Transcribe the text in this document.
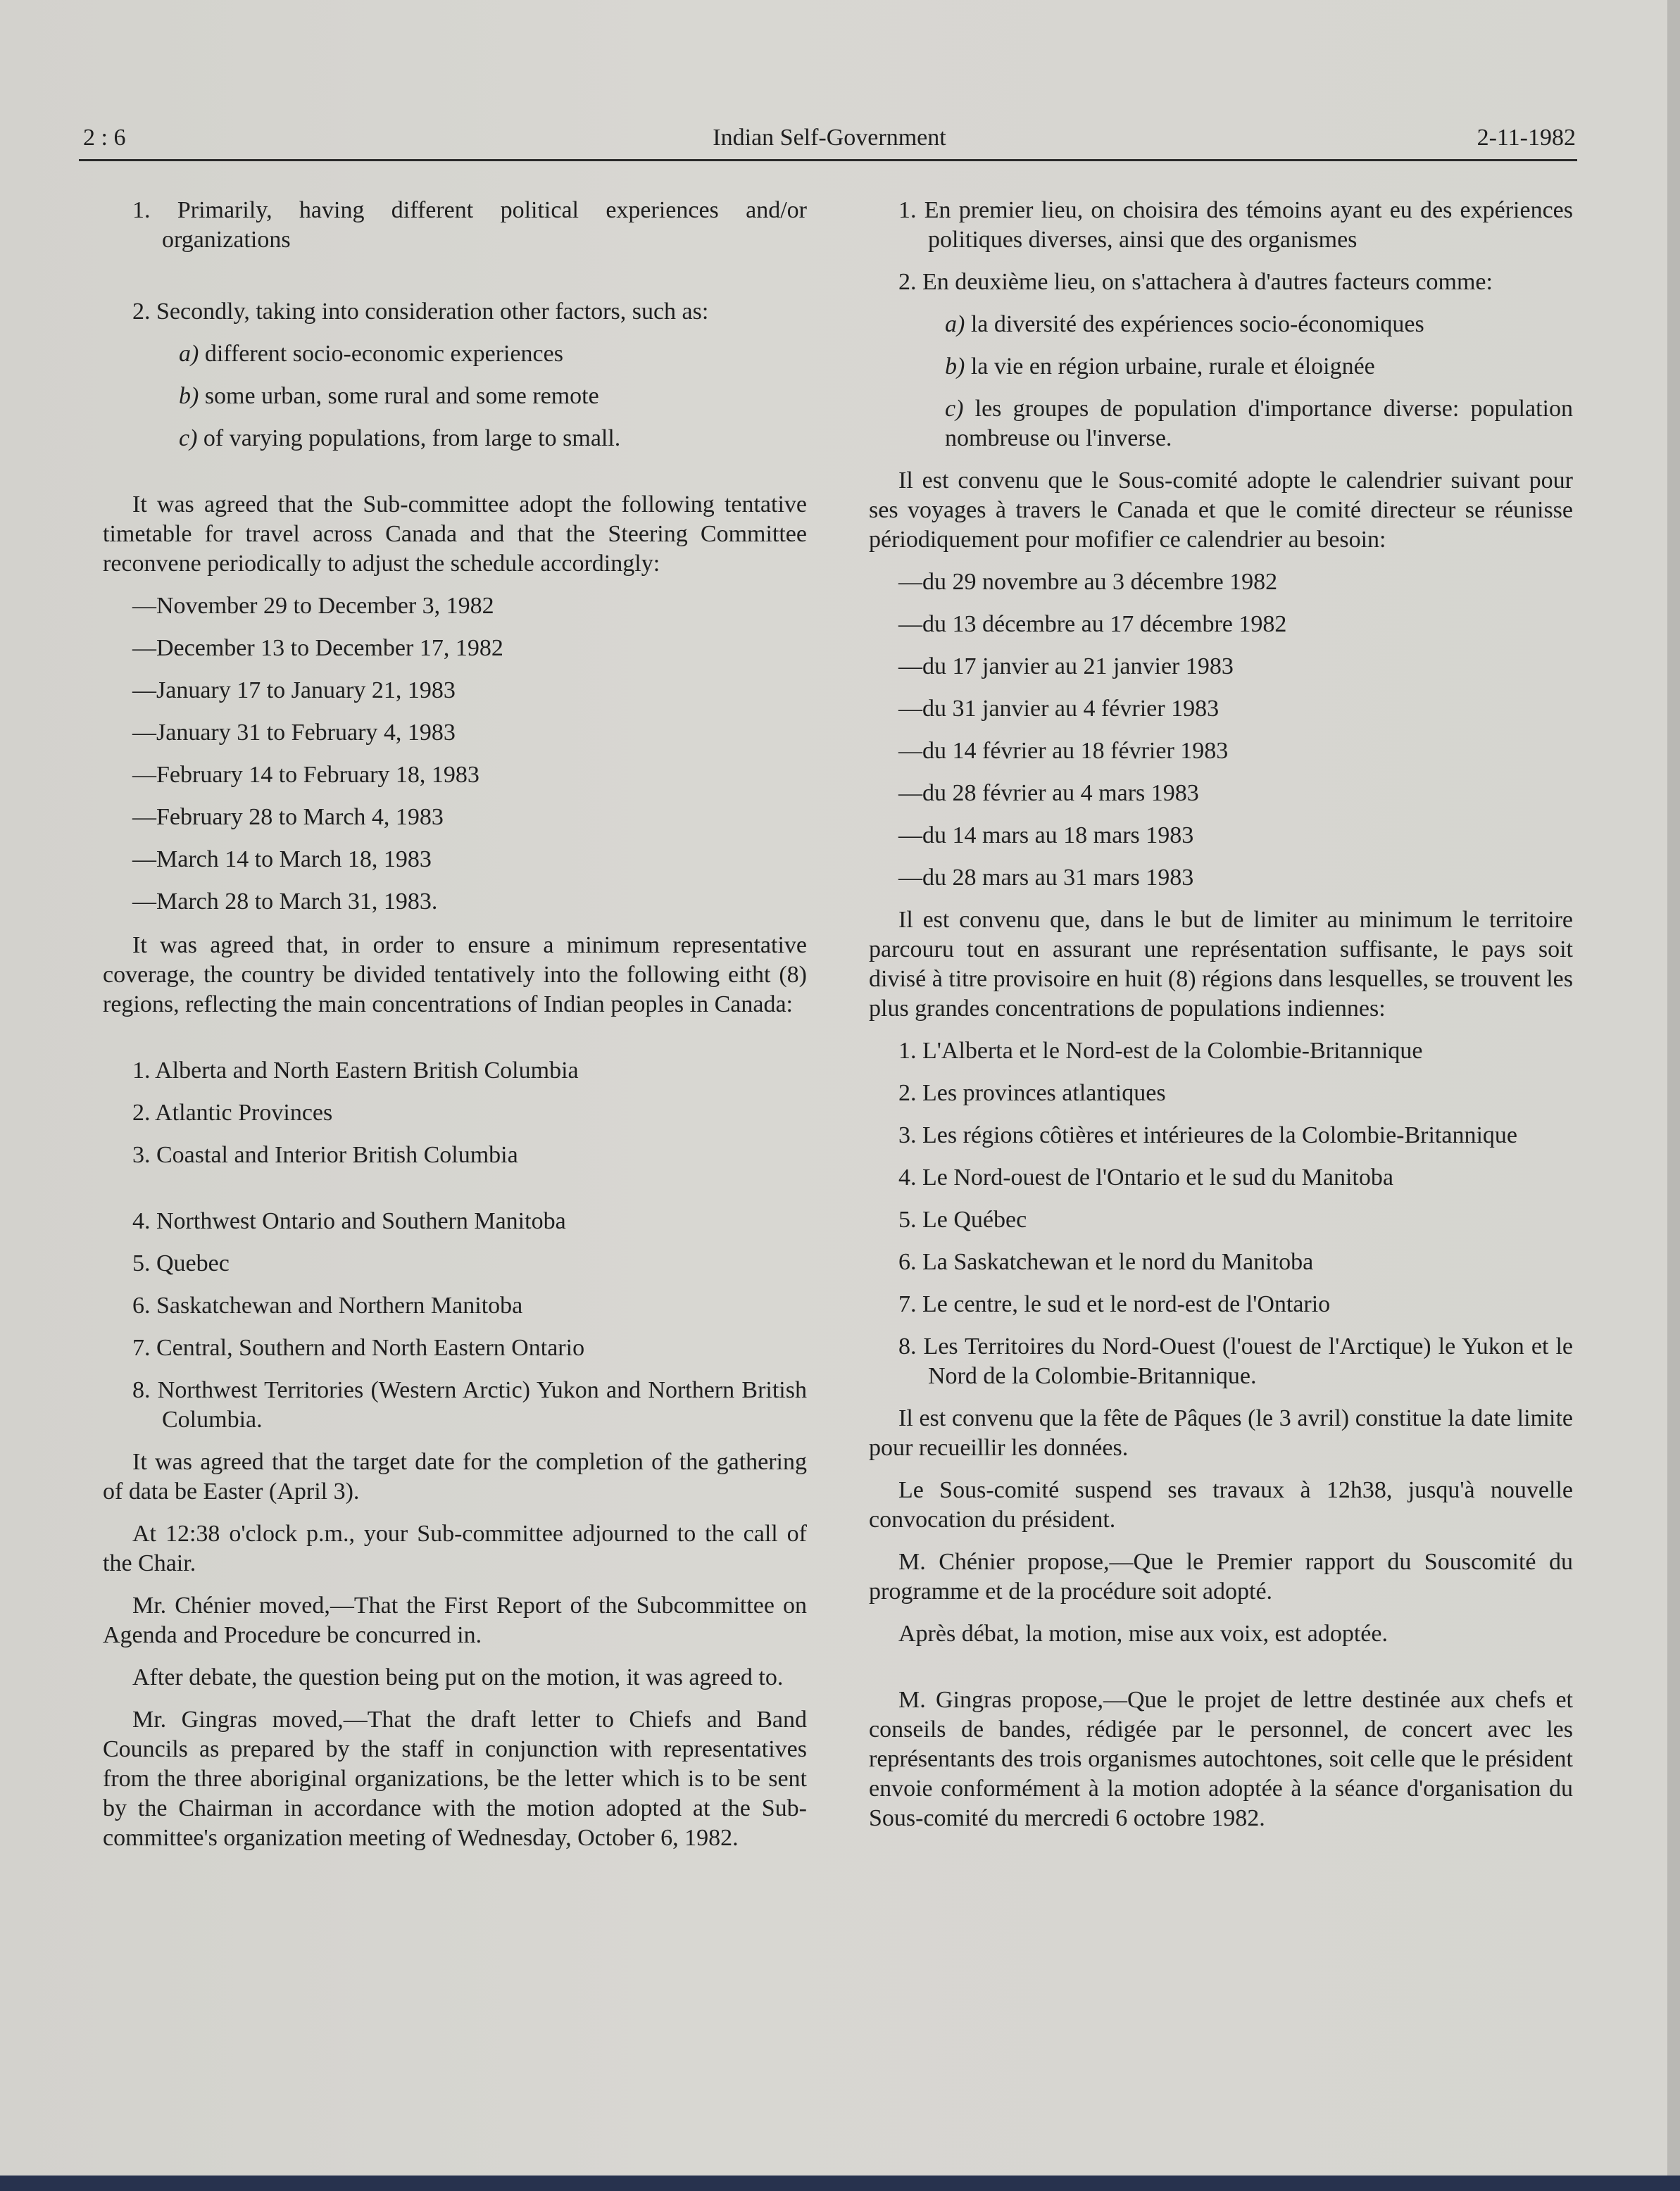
2 : 6	Indian Self-Government	2-11-1982

1. Primarily, having different political experiences and/or organizations

2. Secondly, taking into consideration other factors, such as:

a) different socio-economic experiences

b) some urban, some rural and some remote

c) of varying populations, from large to small.

It was agreed that the Sub-committee adopt the following tentative timetable for travel across Canada and that the Steering Committee reconvene periodically to adjust the schedule accordingly:

—November 29 to December 3, 1982

—December 13 to December 17, 1982

—January 17 to January 21, 1983

—January 31 to February 4, 1983

—February 14 to February 18, 1983

—February 28 to March 4, 1983

—March 14 to March 18, 1983

—March 28 to March 31, 1983.

It was agreed that, in order to ensure a minimum representative coverage, the country be divided tentatively into the following eitht (8) regions, reflecting the main concentrations of Indian peoples in Canada:

1. Alberta and North Eastern British Columbia

2. Atlantic Provinces

3. Coastal and Interior British Columbia

4. Northwest Ontario and Southern Manitoba

5. Quebec

6. Saskatchewan and Northern Manitoba

7. Central, Southern and North Eastern Ontario

8. Northwest Territories (Western Arctic) Yukon and Northern British Columbia.

It was agreed that the target date for the completion of the gathering of data be Easter (April 3).

At 12:38 o'clock p.m., your Sub-committee adjourned to the call of the Chair.

Mr. Chénier moved,—That the First Report of the Subcommittee on Agenda and Procedure be concurred in.

After debate, the question being put on the motion, it was agreed to.

Mr. Gingras moved,—That the draft letter to Chiefs and Band Councils as prepared by the staff in conjunction with representatives from the three aboriginal organizations, be the letter which is to be sent by the Chairman in accordance with the motion adopted at the Sub-committee's organization meeting of Wednesday, October 6, 1982.

1. En premier lieu, on choisira des témoins ayant eu des expériences politiques diverses, ainsi que des organismes

2. En deuxième lieu, on s'attachera à d'autres facteurs comme:

a) la diversité des expériences socio-économiques

b) la vie en région urbaine, rurale et éloignée

c) les groupes de population d'importance diverse: population nombreuse ou l'inverse.

Il est convenu que le Sous-comité adopte le calendrier suivant pour ses voyages à travers le Canada et que le comité directeur se réunisse périodiquement pour mofifier ce calendrier au besoin:

—du 29 novembre au 3 décembre 1982

—du 13 décembre au 17 décembre 1982

—du 17 janvier au 21 janvier 1983

—du 31 janvier au 4 février 1983

—du 14 février au 18 février 1983

—du 28 février au 4 mars 1983

—du 14 mars au 18 mars 1983

—du 28 mars au 31 mars 1983

Il est convenu que, dans le but de limiter au minimum le territoire parcouru tout en assurant une représentation suffisante, le pays soit divisé à titre provisoire en huit (8) régions dans lesquelles, se trouvent les plus grandes concentrations de populations indiennes:

1. L'Alberta et le Nord-est de la Colombie-Britannique

2. Les provinces atlantiques

3. Les régions côtières et intérieures de la Colombie-Britannique

4. Le Nord-ouest de l'Ontario et le sud du Manitoba

5. Le Québec

6. La Saskatchewan et le nord du Manitoba

7. Le centre, le sud et le nord-est de l'Ontario

8. Les Territoires du Nord-Ouest (l'ouest de l'Arctique) le Yukon et le Nord de la Colombie-Britannique.

Il est convenu que la fête de Pâques (le 3 avril) constitue la date limite pour recueillir les données.

Le Sous-comité suspend ses travaux à 12h38, jusqu'à nouvelle convocation du président.

M. Chénier propose,—Que le Premier rapport du Souscomité du programme et de la procédure soit adopté.

Après débat, la motion, mise aux voix, est adoptée.

M. Gingras propose,—Que le projet de lettre destinée aux chefs et conseils de bandes, rédigée par le personnel, de concert avec les représentants des trois organismes autochtones, soit celle que le président envoie conformément à la motion adoptée à la séance d'organisation du Sous-comité du mercredi 6 octobre 1982.
